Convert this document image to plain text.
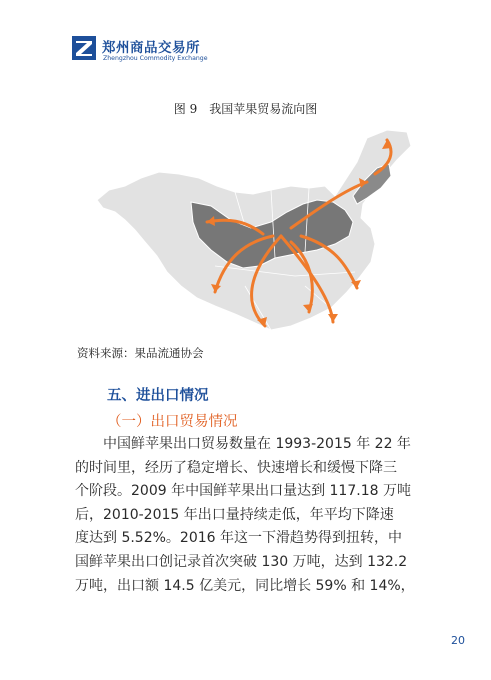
郑州商品交易所
Zhengzhou Commodity Exchange
图 9　我国苹果贸易流向图
资料来源：果品流通协会
五、进出口情况
（一）出口贸易情况
　　中国鲜苹果出口贸易数量在 1993-2015 年 22 年
的时间里，经历了稳定增长、快速增长和缓慢下降三
个阶段。2009 年中国鲜苹果出口量达到 117.18 万吨
后，2010-2015 年出口量持续走低，年平均下降速
度达到 5.52%。2016 年这一下滑趋势得到扭转，中
国鲜苹果出口创记录首次突破 130 万吨，达到 132.2
万吨，出口额 14.5 亿美元，同比增长 59% 和 14%，
20
